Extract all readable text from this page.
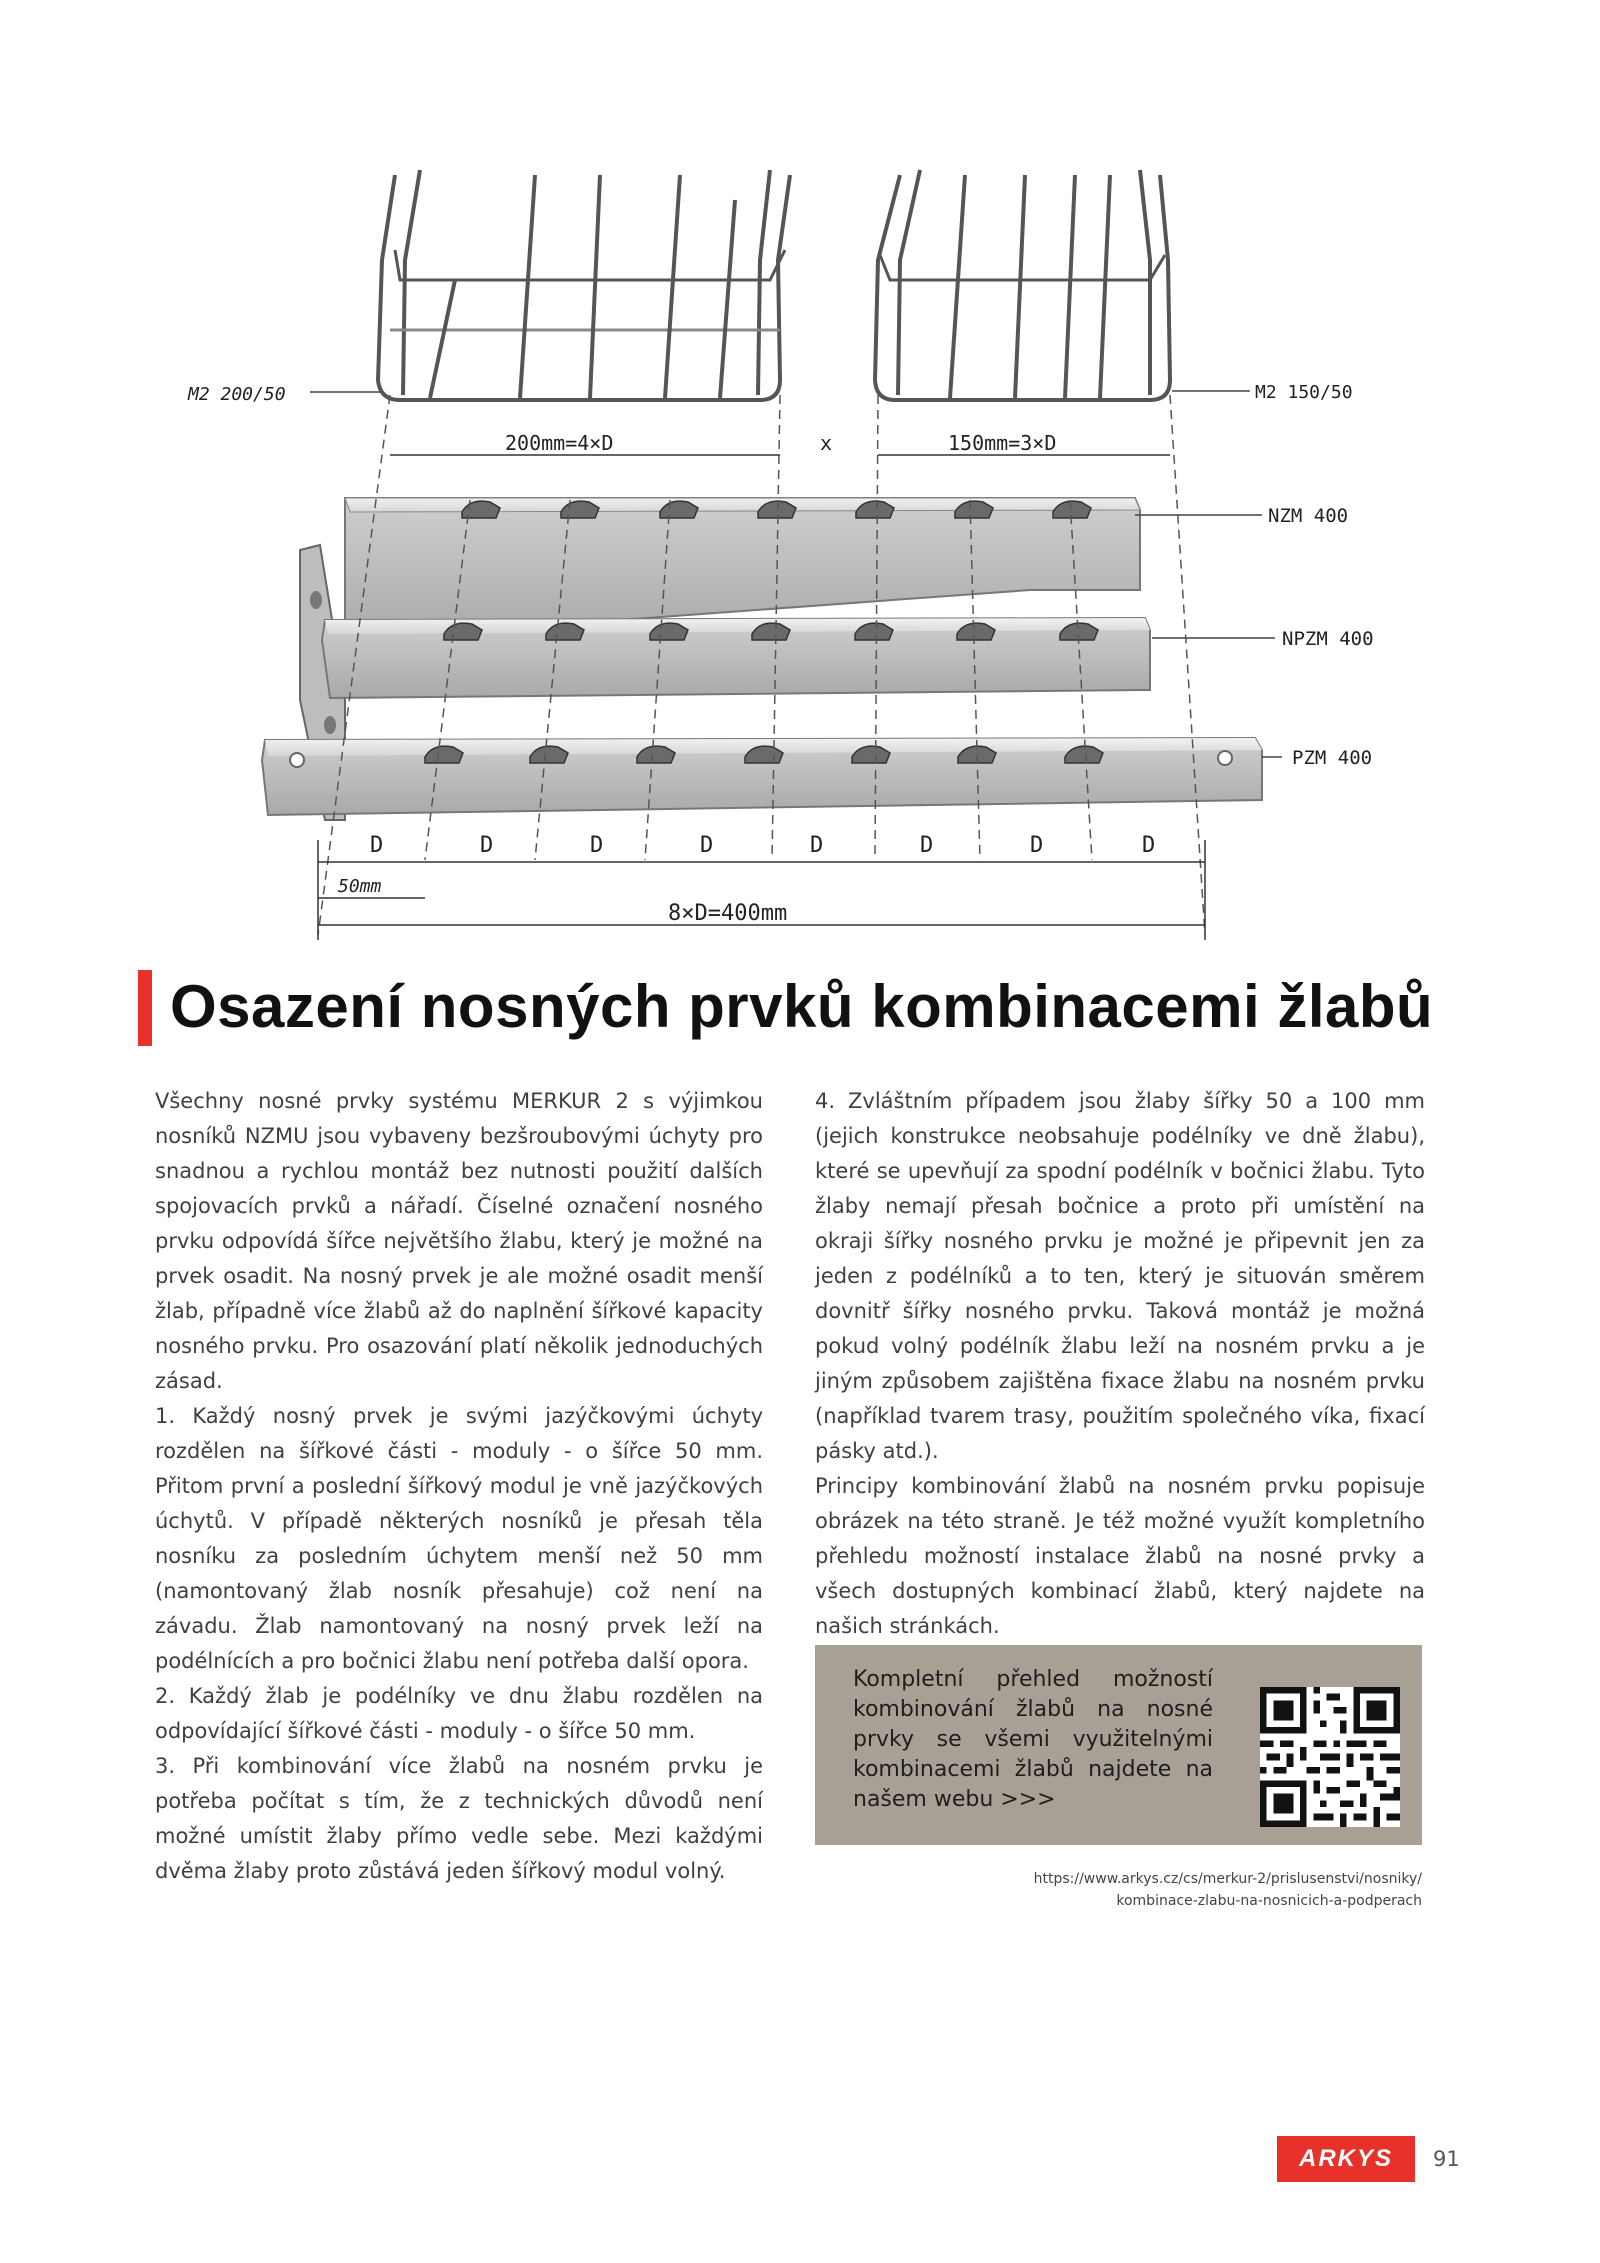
M2 200/50	M2 150/50
200mm=4×D	x	150mm=3×D
NZM 400
NPZM 400
PZM 400
D	D	D	D	D	D	D	D
50mm
8×D=400mm
Osazení nosných prvků kombinacemi žlabů

Všechny nosné prvky systému MERKUR 2 s výjimkou nosníků NZMU jsou vybaveny bezšroubovými úchyty pro snadnou a rychlou montáž bez nutnosti použití dalších spojovacích prvků a nářadí. Číselné označení nosného prvku odpovídá šířce největšího žlabu, který je možné na prvek osadit. Na nosný prvek je ale možné osadit menší žlab, případně více žlabů až do naplnění šířkové kapacity nosného prvku. Pro osazování platí několik jednoduchých zásad.

1. Každý nosný prvek je svými jazýčkovými úchyty rozdělen na šířkové části - moduly - o šířce 50 mm. Přitom první a poslední šířkový modul je vně jazýčkových úchytů. V případě některých nosníků je přesah těla nosníku za posledním úchytem menší než 50 mm (namontovaný žlab nosník přesahuje) což není na závadu. Žlab namontovaný na nosný prvek leží na podélnících a pro bočnici žlabu není potřeba další opora.

2. Každý žlab je podélníky ve dnu žlabu rozdělen na odpovídající šířkové části - moduly - o šířce 50 mm.

3. Při kombinování více žlabů na nosném prvku je potřeba počítat s tím, že z technických důvodů není možné umístit žlaby přímo vedle sebe. Mezi každými dvěma žlaby proto zůstává jeden šířkový modul volný.

4. Zvláštním případem jsou žlaby šířky 50 a 100 mm (jejich konstrukce neobsahuje podélníky ve dně žlabu), které se upevňují za spodní podélník v bočnici žlabu. Tyto žlaby nemají přesah bočnice a proto při umístění na okraji šířky nosného prvku je možné je připevnit jen za jeden z podélníků a to ten, který je situován směrem dovnitř šířky nosného prvku. Taková montáž je možná pokud volný podélník žlabu leží na nosném prvku a je jiným způsobem zajištěna fixace žlabu na nosném prvku (například tvarem trasy, použitím společného víka, fixací pásky atd.).

Principy kombinování žlabů na nosném prvku popisuje obrázek na této straně. Je též možné využít kompletního přehledu možností instalace žlabů na nosné prvky a všech dostupných kombinací žlabů, který najdete na našich stránkách.

Kompletní přehled možností kombinování žlabů na nosné prvky se všemi využitelnými kombinacemi žlabů najdete na našem webu >>>
https://www.arkys.cz/cs/merkur-2/prislusenstvi/nosniky/
kombinace-zlabu-na-nosnicich-a-podperach
ARKYS	91
